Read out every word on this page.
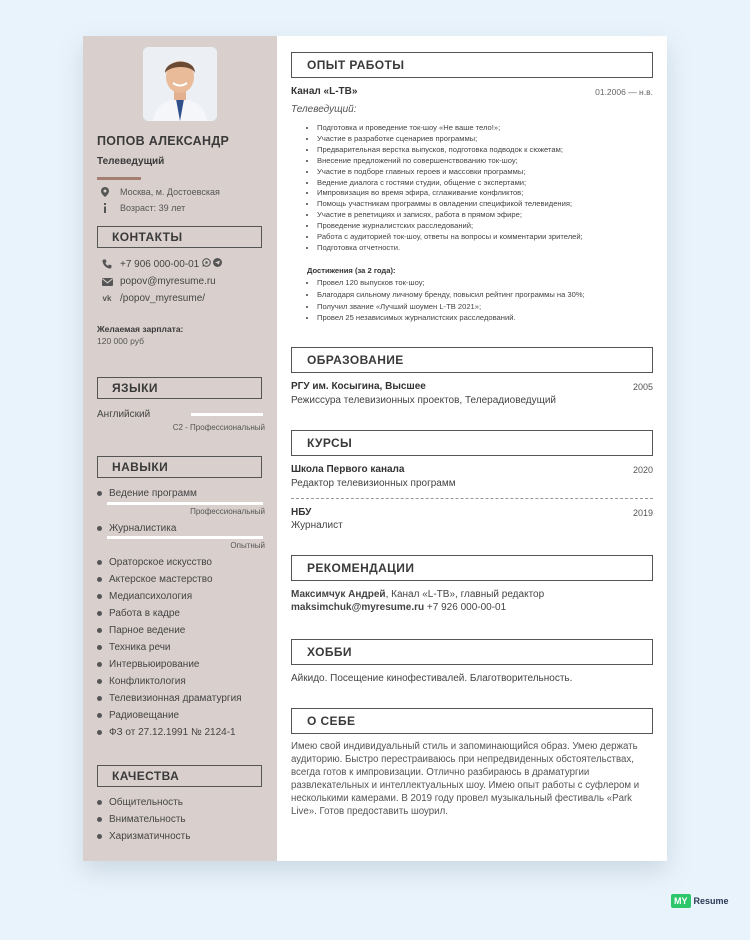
ПОПОВ АЛЕКСАНДР
Телеведущий
Москва, м. Достоевская
Возраст: 39 лет
КОНТАКТЫ
+7 906 000-00-01
popov@myresume.ru
vk /popov_myresume/
Желаемая зарплата:
120 000 руб
ЯЗЫКИ
Английский
C2 - Профессиональный
НАВЫКИ
Ведение программ
Профессиональный
Журналистика
Опытный
Ораторское искусство
Актерское мастерство
Медиапсихология
Работа в кадре
Парное ведение
Техника речи
Интервьюирование
Конфликтология
Телевизионная драматургия
Радиовещание
ФЗ от 27.12.1991 № 2124-1
КАЧЕСТВА
Общительность
Внимательность
Харизматичность
ОПЫТ РАБОТЫ
Канал «L-ТВ»	01.2006 — н.в.
Телеведущий:
• Подготовка и проведение ток-шоу «Не ваше тело!»;
• Участие в разработке сценариев программы;
• Предварительная верстка выпусков, подготовка подводок к сюжетам;
• Внесение предложений по совершенствованию ток-шоу;
• Участие в подборе главных героев и массовки программы;
• Ведение диалога с гостями студии, общение с экспертами;
• Импровизация во время эфира, сглаживание конфликтов;
• Помощь участникам программы в овладении спецификой телевидения;
• Участие в репетициях и записях, работа в прямом эфире;
• Проведение журналистских расследований;
• Работа с аудиторией ток-шоу, ответы на вопросы и комментарии зрителей;
• Подготовка отчетности.
Достижения (за 2 года):
• Провел 120 выпусков ток-шоу;
• Благодаря сильному личному бренду, повысил рейтинг программы на 30%;
• Получил звание «Лучший шоумен L-ТВ 2021»;
• Провел 25 независимых журналистских расследований.
ОБРАЗОВАНИЕ
РГУ им. Косыгина, Высшее	2005
Режиссура телевизионных проектов, Телерадиоведущий
КУРСЫ
Школа Первого канала	2020
Редактор телевизионных программ
НБУ	2019
Журналист
РЕКОМЕНДАЦИИ
Максимчук Андрей, Канал «L-ТВ», главный редактор
maksimchuk@myresume.ru +7 926 000-00-01
ХОББИ
Айкидо. Посещение кинофестивалей. Благотворительность.
О СЕБЕ
Имею свой индивидуальный стиль и запоминающийся образ. Умею держать аудиторию. Быстро перестраиваюсь при непредвиденных обстоятельствах, всегда готов к импровизации. Отлично разбираюсь в драматургии развлекательных и интеллектуальных шоу. Имею опыт работы с суфлером и несколькими камерами. В 2019 году провел музыкальный фестиваль «Park Live». Готов предоставить шоурил.
MY Resume
